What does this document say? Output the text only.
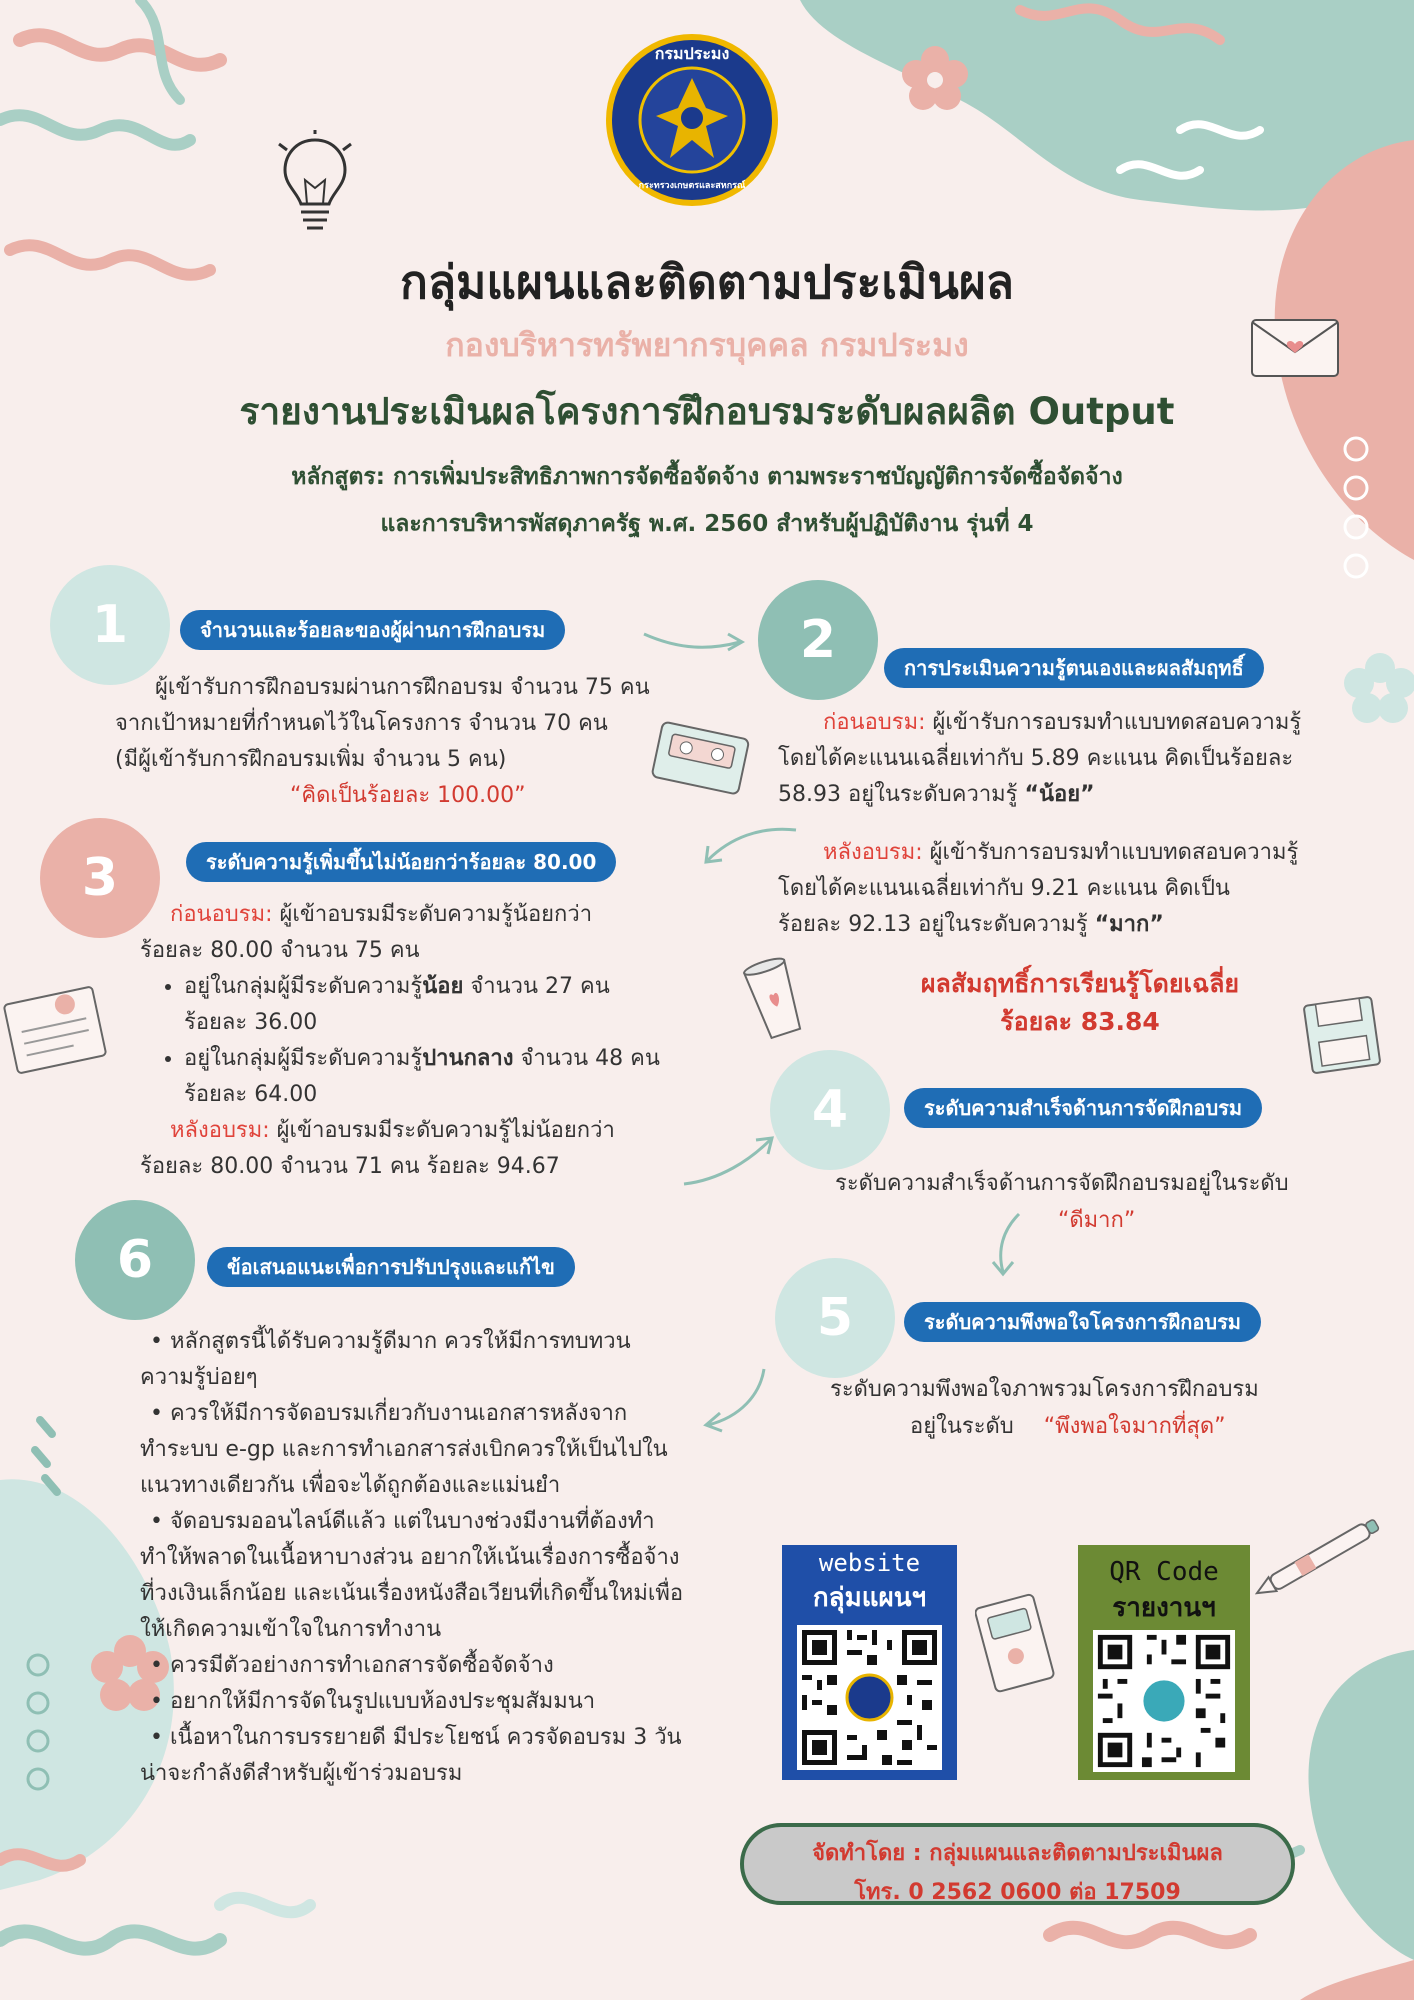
กรมประมง
กระทรวงเกษตรและสหกรณ์
กลุ่มแผนและติดตามประเมินผล
กองบริหารทรัพยากรบุคคล กรมประมง
รายงานประเมินผลโครงการฝึกอบรมระดับผลผลิต Output
หลักสูตร: การเพิ่มประสิทธิภาพการจัดซื้อจัดจ้าง ตามพระราชบัญญัติการจัดซื้อจัดจ้าง
และการบริหารพัสดุภาครัฐ พ.ศ. 2560 สำหรับผู้ปฏิบัติงาน รุ่นที่ 4
1	จำนวนและร้อยละของผู้ผ่านการฝึกอบรม
ผู้เข้ารับการฝึกอบรมผ่านการฝึกอบรม จำนวน 75 คน
จากเป้าหมายที่กำหนดไว้ในโครงการ จำนวน 70 คน
(มีผู้เข้ารับการฝึกอบรมเพิ่ม จำนวน 5 คน)
“คิดเป็นร้อยละ 100.00”
2	การประเมินความรู้ตนเองและผลสัมฤทธิ์
ก่อนอบรม: ผู้เข้ารับการอบรมทำแบบทดสอบความรู้
โดยได้คะแนนเฉลี่ยเท่ากับ 5.89 คะแนน คิดเป็นร้อยละ
58.93 อยู่ในระดับความรู้ “น้อย”
หลังอบรม: ผู้เข้ารับการอบรมทำแบบทดสอบความรู้
โดยได้คะแนนเฉลี่ยเท่ากับ 9.21 คะแนน คิดเป็น
ร้อยละ 92.13 อยู่ในระดับความรู้ “มาก”
ผลสัมฤทธิ์การเรียนรู้โดยเฉลี่ย
ร้อยละ 83.84
3	ระดับความรู้เพิ่มขึ้นไม่น้อยกว่าร้อยละ 80.00
ก่อนอบรม: ผู้เข้าอบรมมีระดับความรู้น้อยกว่า
ร้อยละ 80.00 จำนวน 75 คน
• อยู่ในกลุ่มผู้มีระดับความรู้น้อย จำนวน 27 คน
ร้อยละ 36.00
• อยู่ในกลุ่มผู้มีระดับความรู้ปานกลาง จำนวน 48 คน
ร้อยละ 64.00
หลังอบรม: ผู้เข้าอบรมมีระดับความรู้ไม่น้อยกว่า
ร้อยละ 80.00 จำนวน 71 คน ร้อยละ 94.67
4	ระดับความสำเร็จด้านการจัดฝึกอบรม
ระดับความสำเร็จด้านการจัดฝึกอบรมอยู่ในระดับ
“ดีมาก”
5	ระดับความพึงพอใจโครงการฝึกอบรม
ระดับความพึงพอใจภาพรวมโครงการฝึกอบรม
อยู่ในระดับ “พึงพอใจมากที่สุด”
6	ข้อเสนอแนะเพื่อการปรับปรุงและแก้ไข
• หลักสูตรนี้ได้รับความรู้ดีมาก ควรให้มีการทบทวน
ความรู้บ่อยๆ
• ควรให้มีการจัดอบรมเกี่ยวกับงานเอกสารหลังจาก
ทำระบบ e-gp และการทำเอกสารส่งเบิกควรให้เป็นไปใน
แนวทางเดียวกัน เพื่อจะได้ถูกต้องและแม่นยำ
• จัดอบรมออนไลน์ดีแล้ว แต่ในบางช่วงมีงานที่ต้องทำ
ทำให้พลาดในเนื้อหาบางส่วน อยากให้เน้นเรื่องการซื้อจ้าง
ที่วงเงินเล็กน้อย และเน้นเรื่องหนังสือเวียนที่เกิดขึ้นใหม่เพื่อ
ให้เกิดความเข้าใจในการทำงาน
• ควรมีตัวอย่างการทำเอกสารจัดซื้อจัดจ้าง
• อยากให้มีการจัดในรูปแบบห้องประชุมสัมมนา
• เนื้อหาในการบรรยายดี มีประโยชน์ ควรจัดอบรม 3 วัน
น่าจะกำลังดีสำหรับผู้เข้าร่วมอบรม
website
กลุ่มแผนฯ
QR Code
รายงานฯ
จัดทำโดย : กลุ่มแผนและติดตามประเมินผล
โทร. 0 2562 0600 ต่อ 17509
